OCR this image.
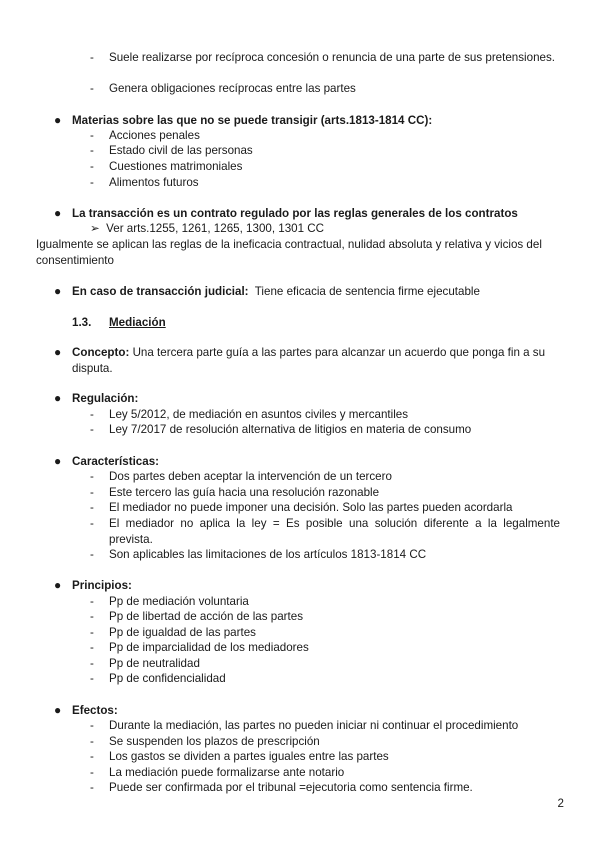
- Suele realizarse por recíproca concesión o renuncia de una parte de sus pretensiones.
- Genera obligaciones recíprocas entre las partes
● Materias sobre las que no se puede transigir (arts.1813-1814 CC):
- Acciones penales
- Estado civil de las personas
- Cuestiones matrimoniales
- Alimentos futuros
● La transacción es un contrato regulado por las reglas generales de los contratos
➢ Ver arts.1255, 1261, 1265, 1300, 1301 CC
Igualmente se aplican las reglas de la ineficacia contractual, nulidad absoluta y relativa y vicios del consentimiento
● En caso de transacción judicial: Tiene eficacia de sentencia firme ejecutable
1.3. Mediación
● Concepto: Una tercera parte guía a las partes para alcanzar un acuerdo que ponga fin a su disputa.
● Regulación:
- Ley 5/2012, de mediación en asuntos civiles y mercantiles
- Ley 7/2017 de resolución alternativa de litigios en materia de consumo
● Características:
- Dos partes deben aceptar la intervención de un tercero
- Este tercero las guía hacia una resolución razonable
- El mediador no puede imponer una decisión. Solo las partes pueden acordarla
- El mediador no aplica la ley = Es posible una solución diferente a la legalmente prevista.
- Son aplicables las limitaciones de los artículos 1813-1814 CC
● Principios:
- Pp de mediación voluntaria
- Pp de libertad de acción de las partes
- Pp de igualdad de las partes
- Pp de imparcialidad de los mediadores
- Pp de neutralidad
- Pp de confidencialidad
● Efectos:
- Durante la mediación, las partes no pueden iniciar ni continuar el procedimiento
- Se suspenden los plazos de prescripción
- Los gastos se dividen a partes iguales entre las partes
- La mediación puede formalizarse ante notario
- Puede ser confirmada por el tribunal =ejecutoria como sentencia firme.
2
